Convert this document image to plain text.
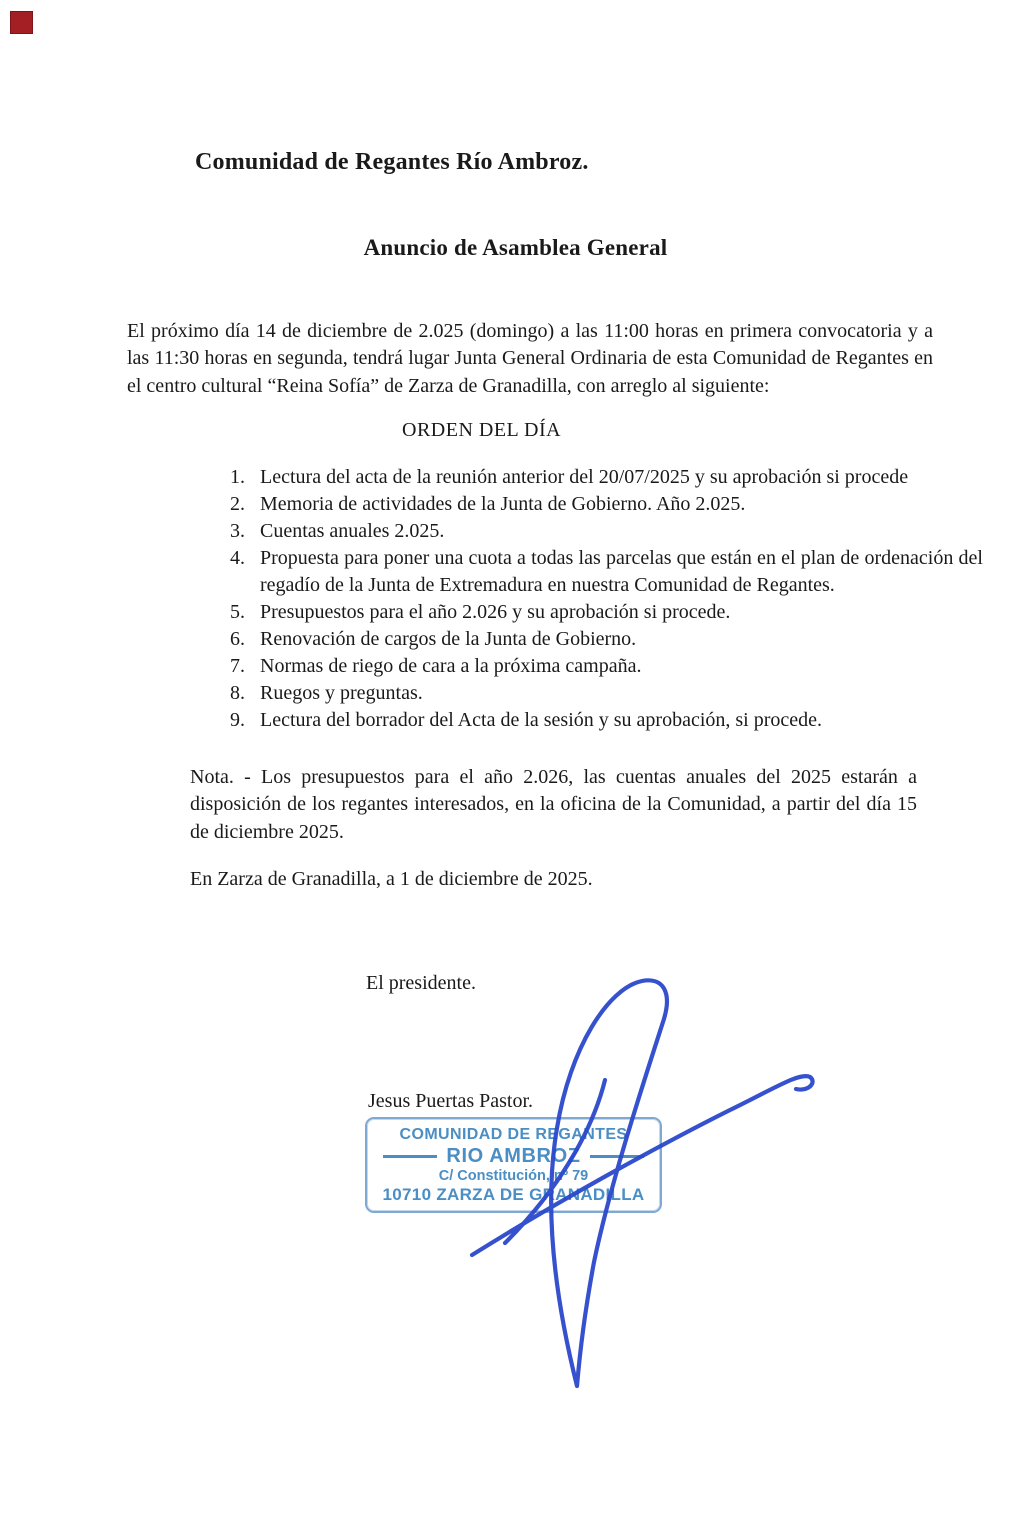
Comunidad de Regantes Río Ambroz.
Anuncio de Asamblea General
El próximo día 14 de diciembre de 2.025 (domingo) a las 11:00 horas en primera convocatoria y a las 11:30 horas en segunda, tendrá lugar Junta General Ordinaria de esta Comunidad de Regantes en el centro cultural “Reina Sofía” de Zarza de Granadilla, con arreglo al siguiente:
ORDEN DEL DÍA
1. Lectura del acta de la reunión anterior del 20/07/2025 y su aprobación si procede
2. Memoria de actividades de la Junta de Gobierno. Año 2.025.
3. Cuentas anuales 2.025.
4. Propuesta para poner una cuota a todas las parcelas que están en el plan de ordenación del regadío de la Junta de Extremadura en nuestra Comunidad de Regantes.
5. Presupuestos para el año 2.026 y su aprobación si procede.
6. Renovación de cargos de la Junta de Gobierno.
7. Normas de riego de cara a la próxima campaña.
8. Ruegos y preguntas.
9. Lectura del borrador del Acta de la sesión y su aprobación, si procede.
Nota. - Los presupuestos para el año 2.026, las cuentas anuales del 2025 estarán a disposición de los regantes interesados, en la oficina de la Comunidad, a partir del día 15 de diciembre 2025.
En Zarza de Granadilla, a 1 de diciembre de 2025.
El presidente.
Jesus Puertas Pastor.
COMUNIDAD DE REGANTES
RIO AMBROZ
C/ Constitución, nº 79
10710 ZARZA DE GRANADILLA
